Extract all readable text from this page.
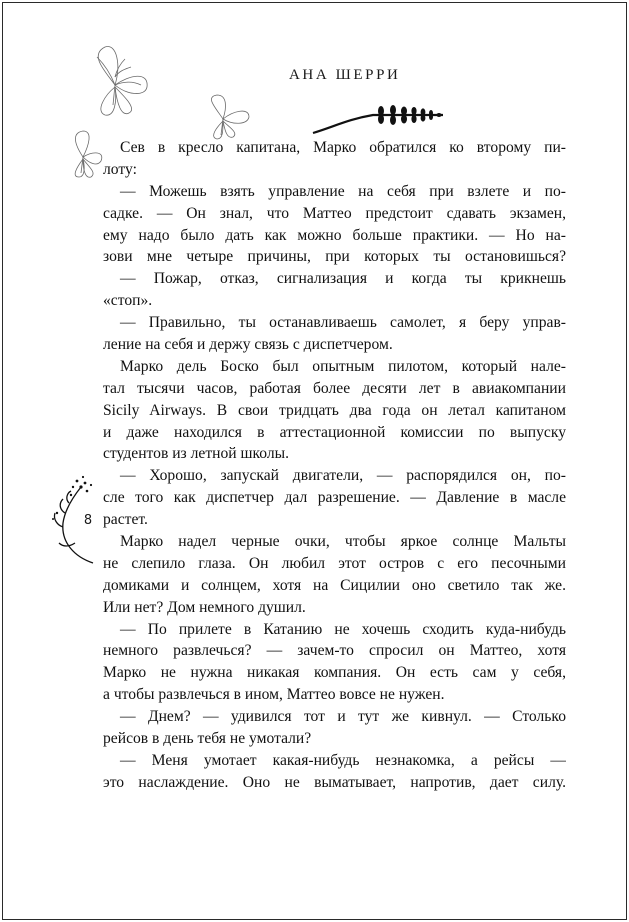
АНА ШЕРРИ
8
Сев в кресло капитана, Марко обратился ко второму пи-
лоту:
— Можешь взять управление на себя при взлете и по-
садке. — Он знал, что Маттео предстоит сдавать экзамен,
ему надо было дать как можно больше практики. — Но на-
зови мне четыре причины, при которых ты остановишься?
— Пожар, отказ, сигнализация и когда ты крикнешь
«стоп».
— Правильно, ты останавливаешь самолет, я беру управ-
ление на себя и держу связь с диспетчером.
Марко дель Боско был опытным пилотом, который нале-
тал тысячи часов, работая более десяти лет в авиакомпании
Sicily Airways. В свои тридцать два года он летал капитаном
и даже находился в аттестационной комиссии по выпуску
студентов из летной школы.
— Хорошо, запускай двигатели, — распорядился он, по-
сле того как диспетчер дал разрешение. — Давление в масле
растет.
Марко надел черные очки, чтобы яркое солнце Мальты
не слепило глаза. Он любил этот остров с его песочными
домиками и солнцем, хотя на Сицилии оно светило так же.
Или нет? Дом немного душил.
— По прилете в Катанию не хочешь сходить куда-нибудь
немного развлечься? — зачем-то спросил он Маттео, хотя
Марко не нужна никакая компания. Он есть сам у себя,
а чтобы развлечься в ином, Маттео вовсе не нужен.
— Днем? — удивился тот и тут же кивнул. — Столько
рейсов в день тебя не умотали?
— Меня умотает какая-нибудь незнакомка, а рейсы —
это наслаждение. Оно не выматывает, напротив, дает силу.
